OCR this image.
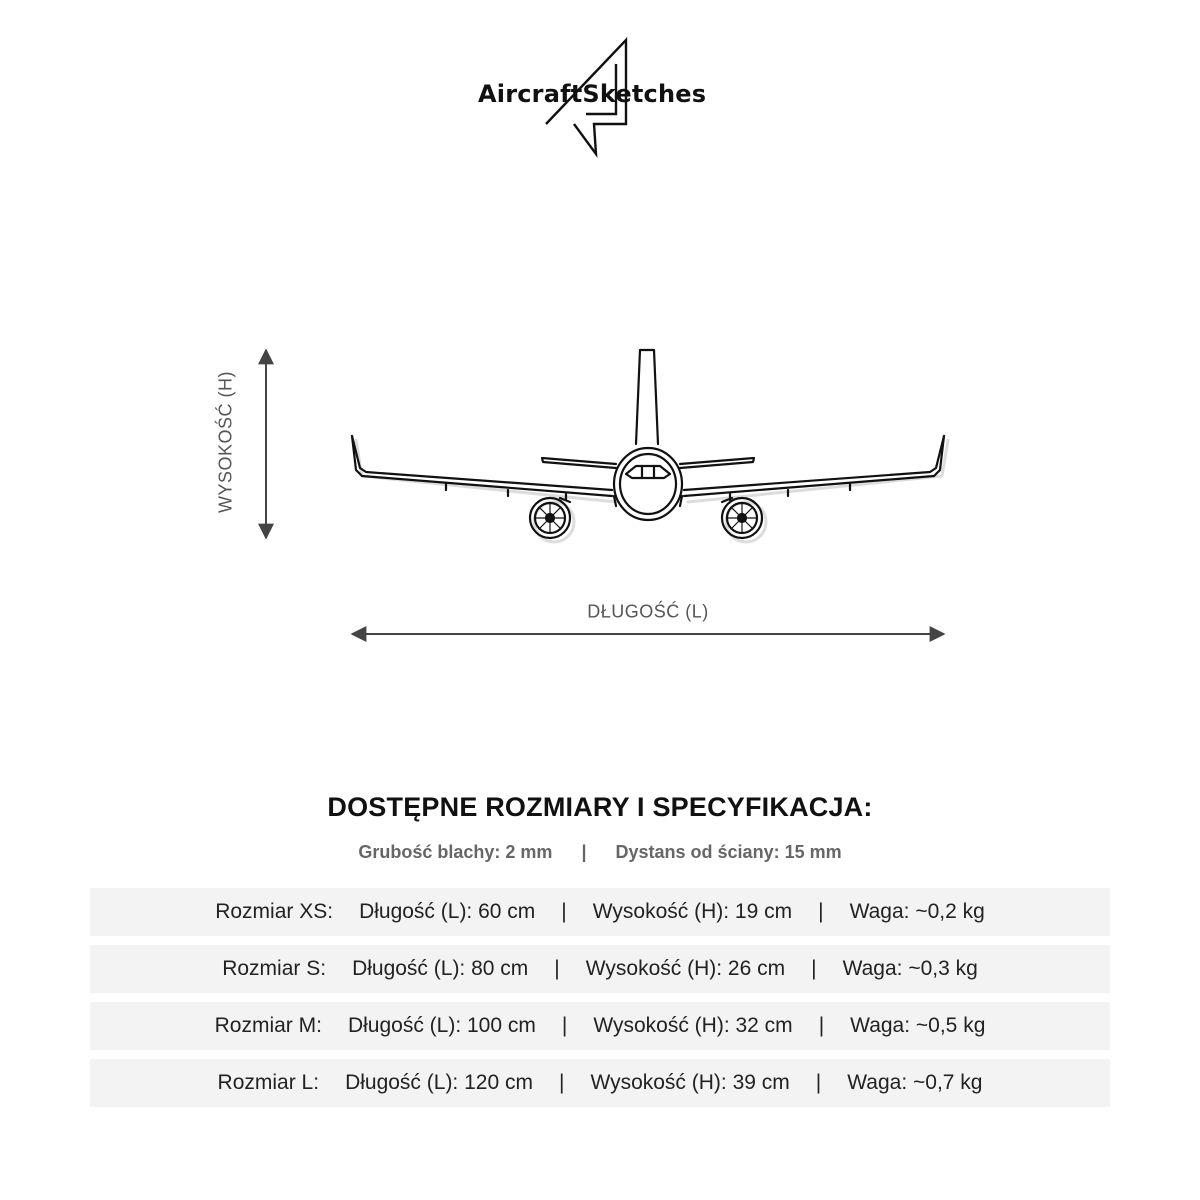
AircraftSketches
WYSOKOŚĆ (H)
DŁUGOŚĆ (L)
DOSTĘPNE ROZMIARY I SPECYFIKACJA:
Grubość blachy: 2 mm | Dystans od ściany: 15 mm
Rozmiar XS: Długość (L): 60 cm | Wysokość (H): 19 cm | Waga: ~0,2 kg
Rozmiar S: Długość (L): 80 cm | Wysokość (H): 26 cm | Waga: ~0,3 kg
Rozmiar M: Długość (L): 100 cm | Wysokość (H): 32 cm | Waga: ~0,5 kg
Rozmiar L: Długość (L): 120 cm | Wysokość (H): 39 cm | Waga: ~0,7 kg
